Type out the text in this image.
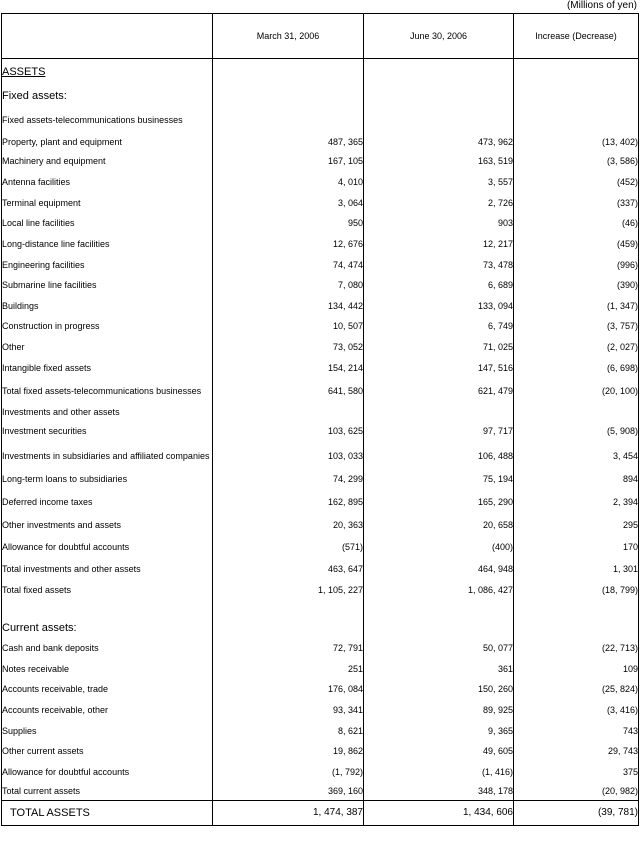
(Millions of yen)
	March 31, 2006	June 30, 2006	Increase (Decrease)
ASSETS			
Fixed assets:			
Fixed assets-telecommunications businesses			
Property, plant and equipment	487, 365	473, 962	(13, 402)
Machinery and equipment	167, 105	163, 519	(3, 586)
Antenna facilities	4, 010	3, 557	(452)
Terminal equipment	3, 064	2, 726	(337)
Local line facilities	950	903	(46)
Long-distance line facilities	12, 676	12, 217	(459)
Engineering facilities	74, 474	73, 478	(996)
Submarine line facilities	7, 080	6, 689	(390)
Buildings	134, 442	133, 094	(1, 347)
Construction in progress	10, 507	6, 749	(3, 757)
Other	73, 052	71, 025	(2, 027)
Intangible fixed assets	154, 214	147, 516	(6, 698)
Total fixed assets-telecommunications businesses	641, 580	621, 479	(20, 100)
Investments and other assets			
Investment securities	103, 625	97, 717	(5, 908)
Investments in subsidiaries and affiliated companies	103, 033	106, 488	3, 454
Long-term loans to subsidiaries	74, 299	75, 194	894
Deferred income taxes	162, 895	165, 290	2, 394
Other investments and assets	20, 363	20, 658	295
Allowance for doubtful accounts	(571)	(400)	170
Total investments and other assets	463, 647	464, 948	1, 301
Total fixed assets	1, 105, 227	1, 086, 427	(18, 799)

Current assets:			
Cash and bank deposits	72, 791	50, 077	(22, 713)
Notes receivable	251	361	109
Accounts receivable, trade	176, 084	150, 260	(25, 824)
Accounts receivable, other	93, 341	89, 925	(3, 416)
Supplies	8, 621	9, 365	743
Other current assets	19, 862	49, 605	29, 743
Allowance for doubtful accounts	(1, 792)	(1, 416)	375
Total current assets	369, 160	348, 178	(20, 982)
TOTAL ASSETS	1, 474, 387	1, 434, 606	(39, 781)
